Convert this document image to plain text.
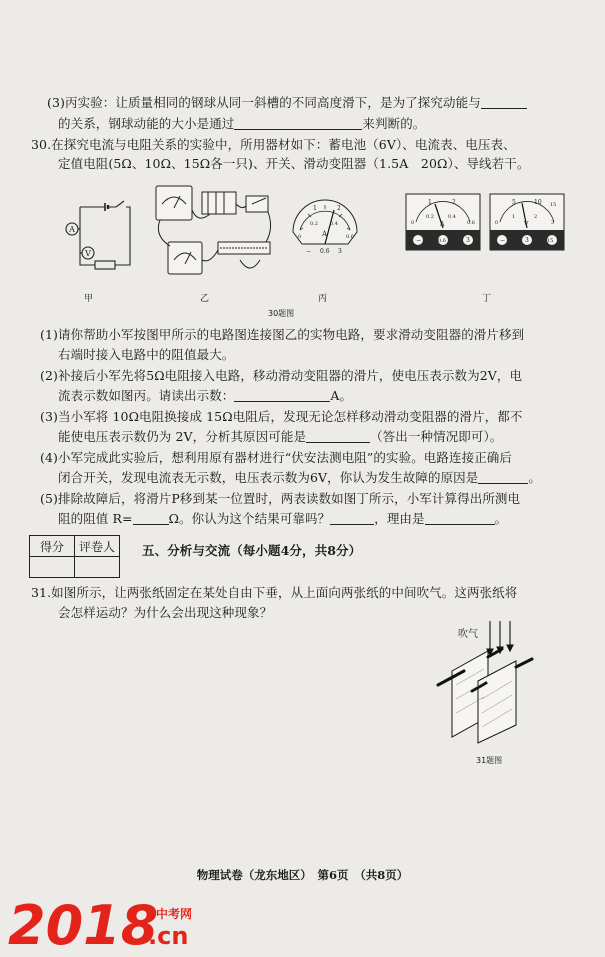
(3)丙实验：让质量相同的钢球从同一斜槽的不同高度滑下，是为了探究动能与
的关系，钢球动能的大小是通过	来判断的。
30.在探究电流与电阻关系的实验中，所用器材如下：蓄电池（6V）、电流表、电压表、
定值电阻(5Ω、10Ω、15Ω各一只)、开关、滑动变阻器（1.5A　20Ω）、导线若干。
A
V
1	2
0.2 0.4
0	0.6
A
− 0.6 3
1	2
0.2	0.4
0	0.6
A
−	0.6	3
5	10
1	2
0
15
3
V
−	3	15
甲	乙	丙	丁
30题图
(1)请你帮助小军按图甲所示的电路图连接图乙的实物电路，要求滑动变阻器的滑片移到
右端时接入电路中的阻值最大。
(2)补接后小军先将5Ω电阻接入电路，移动滑动变阻器的滑片，使电压表示数为2V，电
流表示数如图丙。请读出示数：	A。
(3)当小军将 10Ω电阻换接成 15Ω电阻后，发现无论怎样移动滑动变阻器的滑片，都不
能使电压表示数仍为 2V，分析其原因可能是	（答出一种情况即可）。
(4)小军完成此实验后，想利用原有器材进行“伏安法测电阻”的实验。电路连接正确后
闭合开关，发现电流表无示数，电压表示数为6V，你认为发生故障的原因是	。
(5)排除故障后，将滑片P移到某一位置时，两表读数如图丁所示，小军计算得出所测电
阻的阻值 R=	Ω。你认为这个结果可靠吗？	，理由是	。
得分	评卷人
	五、分析与交流（每小题4分，共8分）
31.如图所示，让两张纸固定在某处自由下垂，从上面向两张纸的中间吹气。这两张纸将
会怎样运动？为什么会出现这种现象？
吹气
31题图
物理试卷（龙东地区）　第6页　（共8页）
2018
中考网
.cn
